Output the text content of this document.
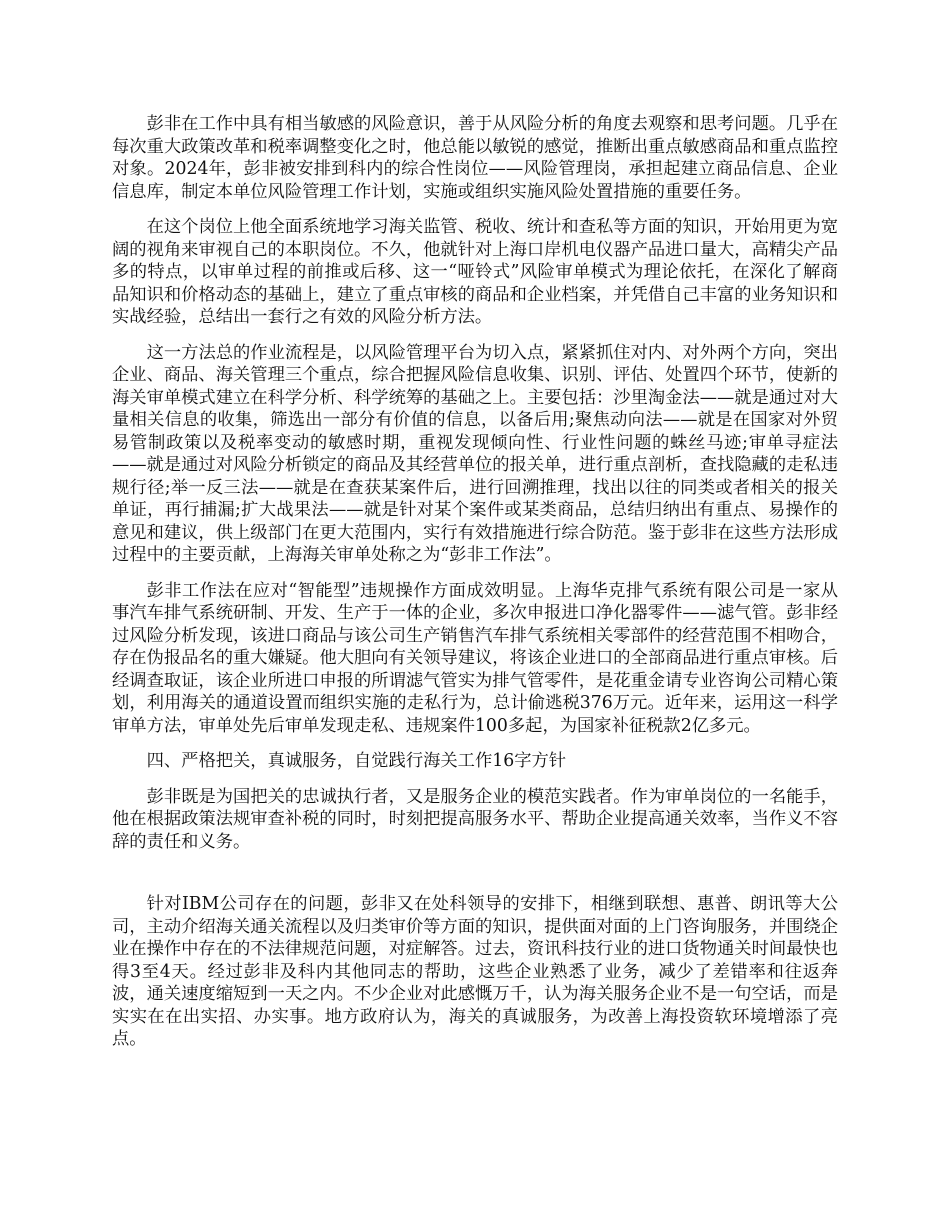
彭非在工作中具有相当敏感的风险意识，善于从风险分析的角度去观察和思考问题。几乎在每次重大政策改革和税率调整变化之时，他总能以敏锐的感觉，推断出重点敏感商品和重点监控对象。2024年，彭非被安排到科内的综合性岗位——风险管理岗，承担起建立商品信息、企业信息库，制定本单位风险管理工作计划，实施或组织实施风险处置措施的重要任务。

在这个岗位上他全面系统地学习海关监管、税收、统计和查私等方面的知识，开始用更为宽阔的视角来审视自己的本职岗位。不久，他就针对上海口岸机电仪器产品进口量大，高精尖产品多的特点，以审单过程的前推或后移、这一“哑铃式”风险审单模式为理论依托，在深化了解商品知识和价格动态的基础上，建立了重点审核的商品和企业档案，并凭借自己丰富的业务知识和实战经验，总结出一套行之有效的风险分析方法。

这一方法总的作业流程是，以风险管理平台为切入点，紧紧抓住对内、对外两个方向，突出企业、商品、海关管理三个重点，综合把握风险信息收集、识别、评估、处置四个环节，使新的海关审单模式建立在科学分析、科学统筹的基础之上。主要包括：沙里淘金法——就是通过对大量相关信息的收集，筛选出一部分有价值的信息，以备后用;聚焦动向法——就是在国家对外贸易管制政策以及税率变动的敏感时期，重视发现倾向性、行业性问题的蛛丝马迹;审单寻症法——就是通过对风险分析锁定的商品及其经营单位的报关单，进行重点剖析，查找隐藏的走私违规行径;举一反三法——就是在查获某案件后，进行回溯推理，找出以往的同类或者相关的报关单证，再行捕漏;扩大战果法——就是针对某个案件或某类商品，总结归纳出有重点、易操作的意见和建议，供上级部门在更大范围内，实行有效措施进行综合防范。鉴于彭非在这些方法形成过程中的主要贡献，上海海关审单处称之为“彭非工作法”。

彭非工作法在应对“智能型”违规操作方面成效明显。上海华克排气系统有限公司是一家从事汽车排气系统研制、开发、生产于一体的企业，多次申报进口净化器零件——滤气管。彭非经过风险分析发现，该进口商品与该公司生产销售汽车排气系统相关零部件的经营范围不相吻合，存在伪报品名的重大嫌疑。他大胆向有关领导建议，将该企业进口的全部商品进行重点审核。后经调查取证，该企业所进口申报的所谓滤气管实为排气管零件，是花重金请专业咨询公司精心策划，利用海关的通道设置而组织实施的走私行为，总计偷逃税376万元。近年来，运用这一科学审单方法，审单处先后审单发现走私、违规案件100多起，为国家补征税款2亿多元。

四、严格把关，真诚服务，自觉践行海关工作16字方针

彭非既是为国把关的忠诚执行者，又是服务企业的模范实践者。作为审单岗位的一名能手，他在根据政策法规审查补税的同时，时刻把提高服务水平、帮助企业提高通关效率，当作义不容辞的责任和义务。

针对IBM公司存在的问题，彭非又在处科领导的安排下，相继到联想、惠普、朗讯等大公司，主动介绍海关通关流程以及归类审价等方面的知识，提供面对面的上门咨询服务，并围绕企业在操作中存在的不法律规范问题，对症解答。过去，资讯科技行业的进口货物通关时间最快也得3至4天。经过彭非及科内其他同志的帮助，这些企业熟悉了业务，减少了差错率和往返奔波，通关速度缩短到一天之内。不少企业对此感慨万千，认为海关服务企业不是一句空话，而是实实在在出实招、办实事。地方政府认为，海关的真诚服务，为改善上海投资软环境增添了亮点。
